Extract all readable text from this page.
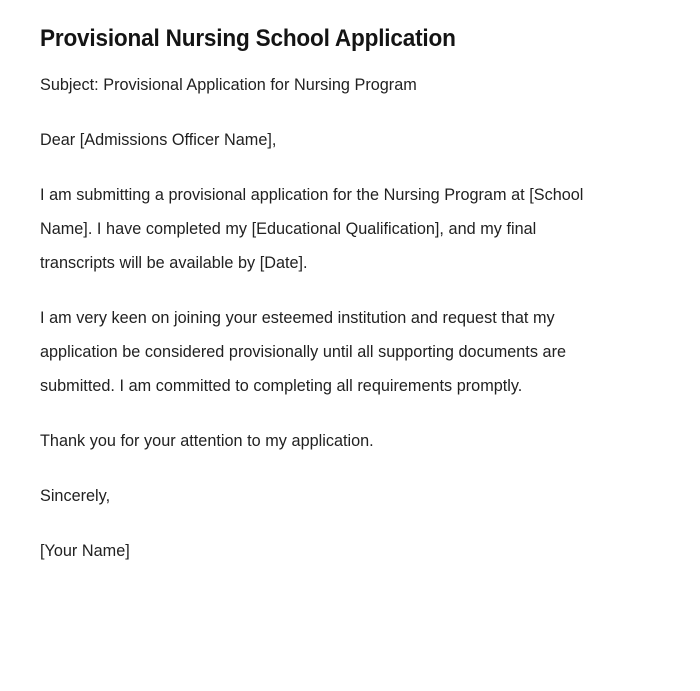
Provisional Nursing School Application

Subject: Provisional Application for Nursing Program

Dear [Admissions Officer Name],

I am submitting a provisional application for the Nursing Program at [School Name]. I have completed my [Educational Qualification], and my final transcripts will be available by [Date].

I am very keen on joining your esteemed institution and request that my application be considered provisionally until all supporting documents are submitted. I am committed to completing all requirements promptly.

Thank you for your attention to my application.

Sincerely,

[Your Name]
